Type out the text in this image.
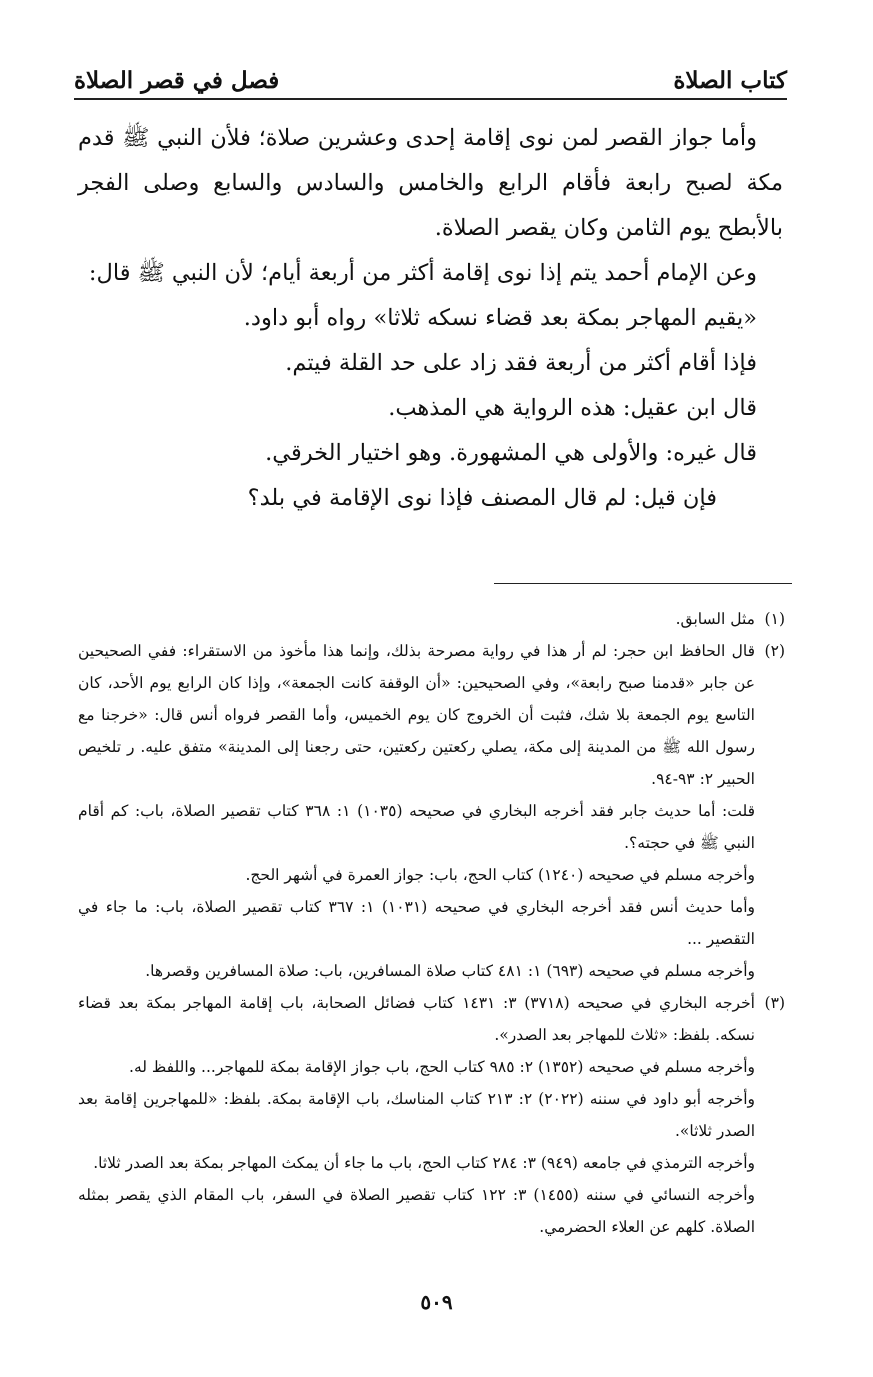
كتاب الصلاة
فصل في قصر الصلاة

وأما جواز القصر لمن نوى إقامة إحدى وعشرين صلاة؛ فلأن النبي ﷺ قدم مكة لصبح رابعة فأقام الرابع والخامس والسادس والسابع وصلى الفجر بالأبطح يوم الثامن وكان يقصر الصلاة.

وعن الإمام أحمد يتم إذا نوى إقامة أكثر من أربعة أيام؛ لأن النبي ﷺ قال:

«يقيم المهاجر بمكة بعد قضاء نسكه ثلاثا» رواه أبو داود.

فإذا أقام أكثر من أربعة فقد زاد على حد القلة فيتم.

قال ابن عقيل: هذه الرواية هي المذهب.

قال غيره: والأولى هي المشهورة. وهو اختيار الخرقي.

فإن قيل: لم قال المصنف فإذا نوى الإقامة في بلد؟

(١)
مثل السابق.
(٢)
قال الحافظ ابن حجر: لم أر هذا في رواية مصرحة بذلك، وإنما هذا مأخوذ من الاستقراء: ففي الصحيحين عن جابر «قدمنا صبح رابعة»، وفي الصحيحين: «أن الوقفة كانت الجمعة»، وإذا كان الرابع يوم الأحد، كان التاسع يوم الجمعة بلا شك، فثبت أن الخروج كان يوم الخميس، وأما القصر فرواه أنس قال: «خرجنا مع رسول الله ﷺ من المدينة إلى مكة، يصلي ركعتين ركعتين، حتى رجعنا إلى المدينة» متفق عليه. ر تلخيص الحبير ٢: ٩٣-٩٤.

قلت: أما حديث جابر فقد أخرجه البخاري في صحيحه (١٠٣٥) ١: ٣٦٨ كتاب تقصير الصلاة، باب: كم أقام النبي ﷺ في حجته؟.

وأخرجه مسلم في صحيحه (١٢٤٠) كتاب الحج، باب: جواز العمرة في أشهر الحج.

وأما حديث أنس فقد أخرجه البخاري في صحيحه (١٠٣١) ١: ٣٦٧ كتاب تقصير الصلاة، باب: ما جاء في التقصير ...

وأخرجه مسلم في صحيحه (٦٩٣) ١: ٤٨١ كتاب صلاة المسافرين، باب: صلاة المسافرين وقصرها.

(٣)
أخرجه البخاري في صحيحه (٣٧١٨) ٣: ١٤٣١ كتاب فضائل الصحابة، باب إقامة المهاجر بمكة بعد قضاء نسكه. بلفظ: «ثلاث للمهاجر بعد الصدر».

وأخرجه مسلم في صحيحه (١٣٥٢) ٢: ٩٨٥ كتاب الحج، باب جواز الإقامة بمكة للمهاجر... واللفظ له.

وأخرجه أبو داود في سننه (٢٠٢٢) ٢: ٢١٣ كتاب المناسك، باب الإقامة بمكة. بلفظ: «للمهاجرين إقامة بعد الصدر ثلاثا».

وأخرجه الترمذي في جامعه (٩٤٩) ٣: ٢٨٤ كتاب الحج، باب ما جاء أن يمكث المهاجر بمكة بعد الصدر ثلاثا.

وأخرجه النسائي في سننه (١٤٥٥) ٣: ١٢٢ كتاب تقصير الصلاة في السفر، باب المقام الذي يقصر بمثله الصلاة. كلهم عن العلاء الحضرمي.

٥٠٩
